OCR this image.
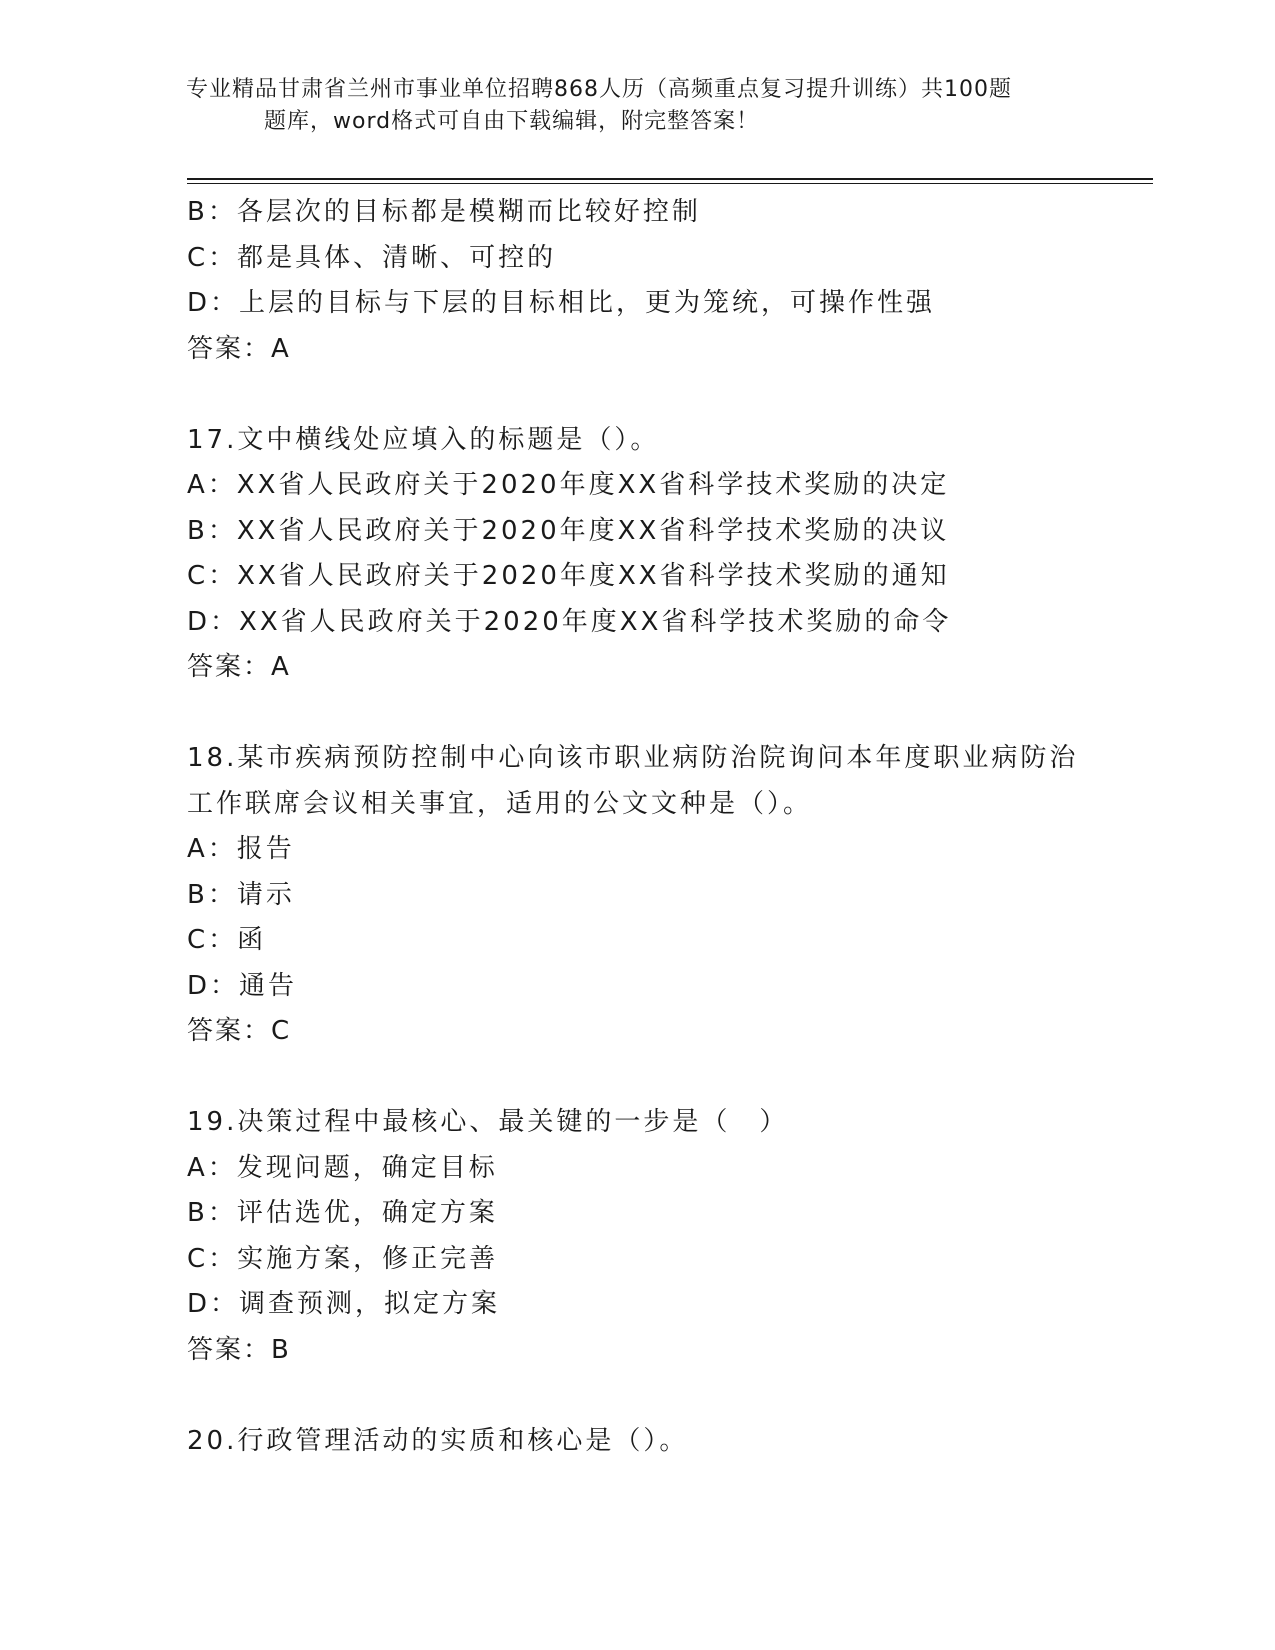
专业精品甘肃省兰州市事业单位招聘868人历（高频重点复习提升训练）共100题
题库，word格式可自由下载编辑，附完整答案！
B：各层次的目标都是模糊而比较好控制
C：都是具体、清晰、可控的
D：上层的目标与下层的目标相比，更为笼统，可操作性强
答案：A
17.文中横线处应填入的标题是（）。
A：XX省人民政府关于2020年度XX省科学技术奖励的决定
B：XX省人民政府关于2020年度XX省科学技术奖励的决议
C：XX省人民政府关于2020年度XX省科学技术奖励的通知
D：XX省人民政府关于2020年度XX省科学技术奖励的命令
答案：A
18.某市疾病预防控制中心向该市职业病防治院询问本年度职业病防治
工作联席会议相关事宜，适用的公文文种是（）。
A：报告
B：请示
C：函
D：通告
答案：C
19.决策过程中最核心、最关键的一步是（　）
A：发现问题，确定目标
B：评估选优，确定方案
C：实施方案，修正完善
D：调查预测，拟定方案
答案：B
20.行政管理活动的实质和核心是（）。
